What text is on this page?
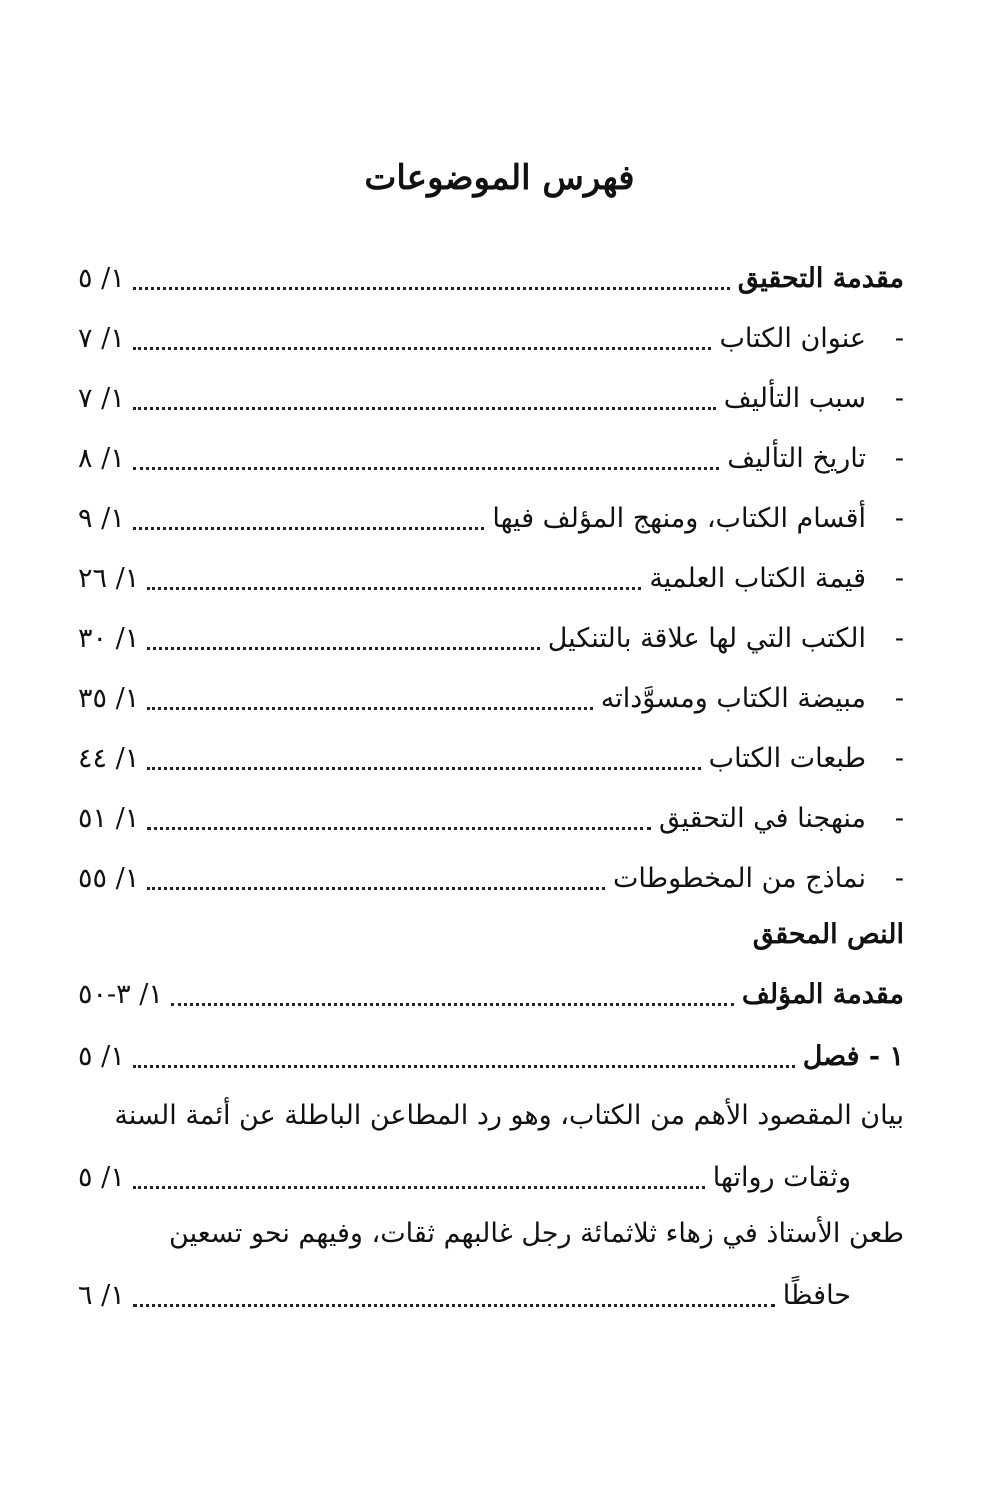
فهرس الموضوعات
مقدمة التحقيق
١/ ٥
-
عنوان الكتاب
١/ ٧
-
سبب التأليف
١/ ٧
-
تاريخ التأليف
١/ ٨
-
أقسام الكتاب، ومنهج المؤلف فيها
١/ ٩
-
قيمة الكتاب العلمية
١/ ٢٦
-
الكتب التي لها علاقة بالتنكيل
١/ ٣٠
-
مبيضة الكتاب ومسوَّداته
١/ ٣٥
-
طبعات الكتاب
١/ ٤٤
-
منهجنا في التحقيق
١/ ٥١
-
نماذج من المخطوطات
١/ ٥٥
النص المحقق
مقدمة المؤلف
١/ ٣-٥٠
١ - فصل
١/ ٥
بيان المقصود الأهم من الكتاب، وهو رد المطاعن الباطلة عن أئمة السنة
وثقات رواتها
١/ ٥
طعن الأستاذ في زهاء ثلاثمائة رجل غالبهم ثقات، وفيهم نحو تسعين
حافظًا
١/ ٦
